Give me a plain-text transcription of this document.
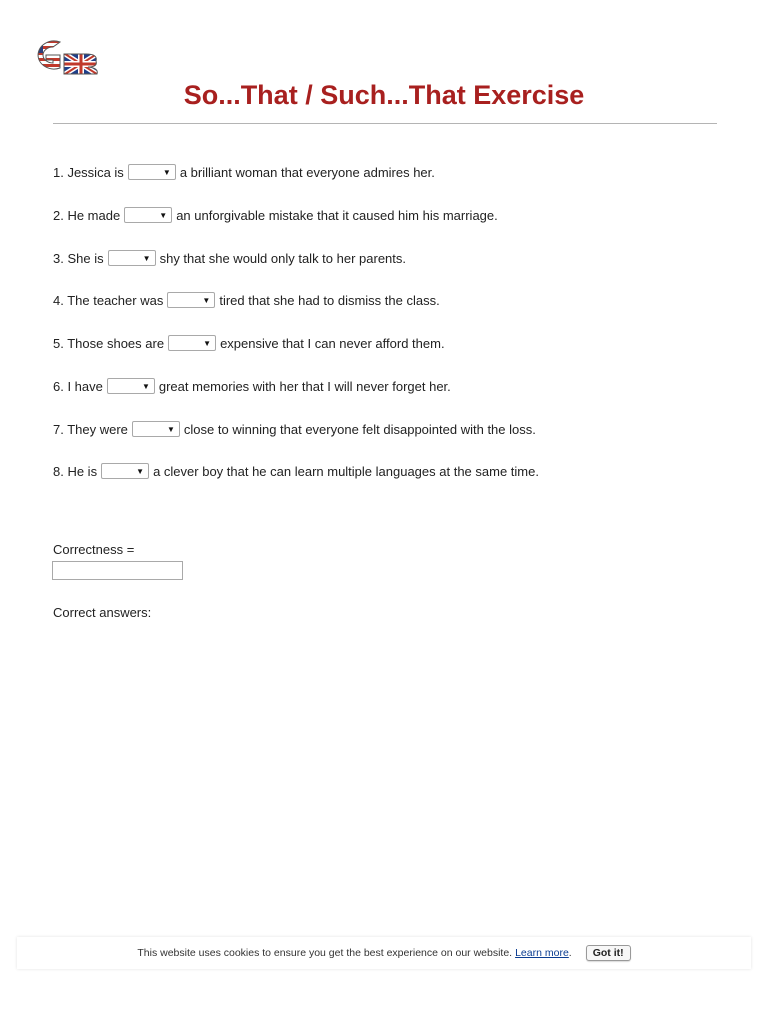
So...That / Such...That Exercise
1. Jessica is	▼ a brilliant woman that everyone admires her.
2. He made	▼ an unforgivable mistake that it caused him his marriage.
3. She is	▼ shy that she would only talk to her parents.
4. The teacher was	▼ tired that she had to dismiss the class.
5. Those shoes are	▼ expensive that I can never afford them.
6. I have	▼ great memories with her that I will never forget her.
7. They were	▼ close to winning that everyone felt disappointed with the loss.
8. He is	▼ a clever boy that he can learn multiple languages at the same time.
Correctness =
Correct answers:
This website uses cookies to ensure you get the best experience on our website. Learn more .	Got it!
